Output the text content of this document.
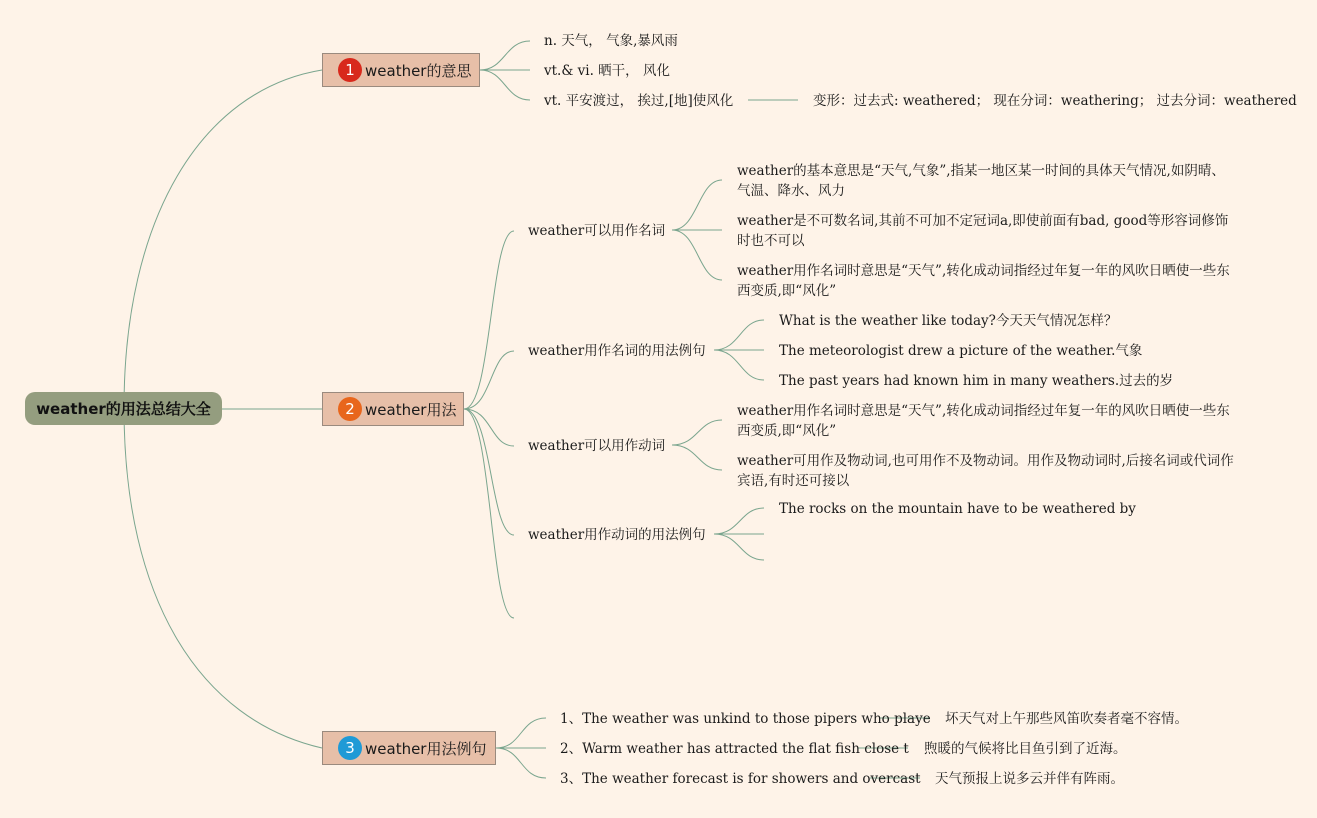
weather的用法总结大全
1 weather的意思
n. 天气， 气象,暴风雨
vt.& vi. 晒干， 风化
vt. 平安渡过， 挨过,[地]使风化	变形：过去式: weathered； 现在分词：weathering； 过去分词：weathered
2 weather用法
weather可以用作名词
weather的基本意思是“天气,气象”,指某一地区某一时间的具体天气情况,如阴晴、气温、降水、风力
weather是不可数名词,其前不可加不定冠词a,即使前面有bad, good等形容词修饰时也不可以
weather用作名词时意思是“天气”,转化成动词指经过年复一年的风吹日晒使一些东西变质,即“风化”
weather用作名词的用法例句
What is the weather like today?今天天气情况怎样？
The meteorologist drew a picture of the weather.气象
The past years had known him in many weathers.过去的岁
weather可以用作动词
weather用作名词时意思是“天气”,转化成动词指经过年复一年的风吹日晒使一些东西变质,即“风化”
weather可用作及物动词,也可用作不及物动词。用作及物动词时,后接名词或代词作宾语,有时还可接以
weather用作动词的用法例句
The rocks on the mountain have to be weathered by
3 weather用法例句
1、The weather was unkind to those pipers who playe 坏天气对上午那些风笛吹奏者毫不容情。
2、Warm weather has attracted the flat fish close t 煦暖的气候将比目鱼引到了近海。
3、The weather forecast is for showers and overcast 天气预报上说多云并伴有阵雨。
